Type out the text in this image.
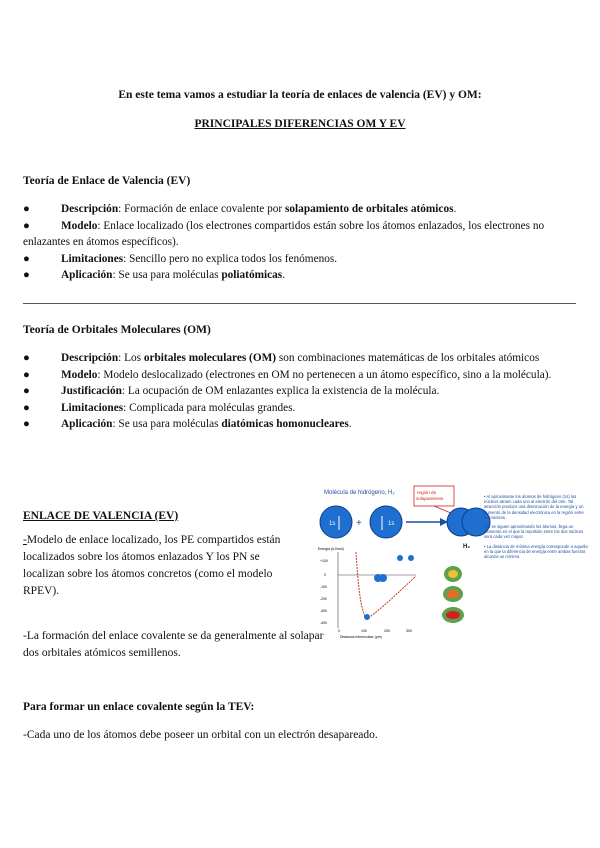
En este tema vamos a estudiar la teoría de enlaces de valencia (EV) y OM:
PRINCIPALES DIFERENCIAS OM Y EV
Teoría de Enlace de Valencia (EV)
●	Descripción: Formación de enlace covalente por solapamiento de orbitales atómicos.
●	Modelo: Enlace localizado (los electrones compartidos están sobre los átomos enlazados, los electrones no enlazantes en átomos específicos).
●	Limitaciones: Sencillo pero no explica todos los fenómenos.
●	Aplicación: Se usa para moléculas poliatómicas.
Teoría de Orbitales Moleculares (OM)
●	Descripción: Los orbitales moleculares (OM) son combinaciones matemáticas de los orbitales atómicos
●	Modelo: Modelo deslocalizado (electrones en OM no pertenecen a un átomo específico, sino a la molécula).
●	Justificación: La ocupación de OM enlazantes explica la existencia de la molécula.
●	Limitaciones: Complicada para moléculas grandes.
●	Aplicación: Se usa para moléculas diatómicas homonucleares.
ENLACE DE VALENCIA (EV)
-Modelo de enlace localizado, los PE compartidos están localizados sobre los átomos enlazados Y los PN se localizan sobre los átomos concretos (como el modelo RPEV).
-La formación del enlace covalente se da generalmente al solapar dos orbitales atómicos semillenos.
Molécula de hidrógeno, H₂	región de solapamiento
1s +	1s
H₂
+100
0
-100
-200
-300
-400
0	100	200	300
Distancia internuclear (pm)
Energía (kJ/mol)
• Al aproximarse los átomos de hidrógeno (1s) los núcleos atraen cada uno al electrón del otro. Tal atracción produce una disminución de la energía y un aumento de la densidad electrónica en la región entre los núcleos.
• Si se siguen aproximando los átomos, llega un momento en el que la repulsión entre los dos núcleos será cada vez mayor.
• La distancia de mínima energía corresponde a aquella en la que la diferencia de energía entre ambas fuerzas alcanza un mínimo.
Para formar un enlace covalente según la TEV:
-Cada uno de los átomos debe poseer un orbital con un electrón desapareado.
